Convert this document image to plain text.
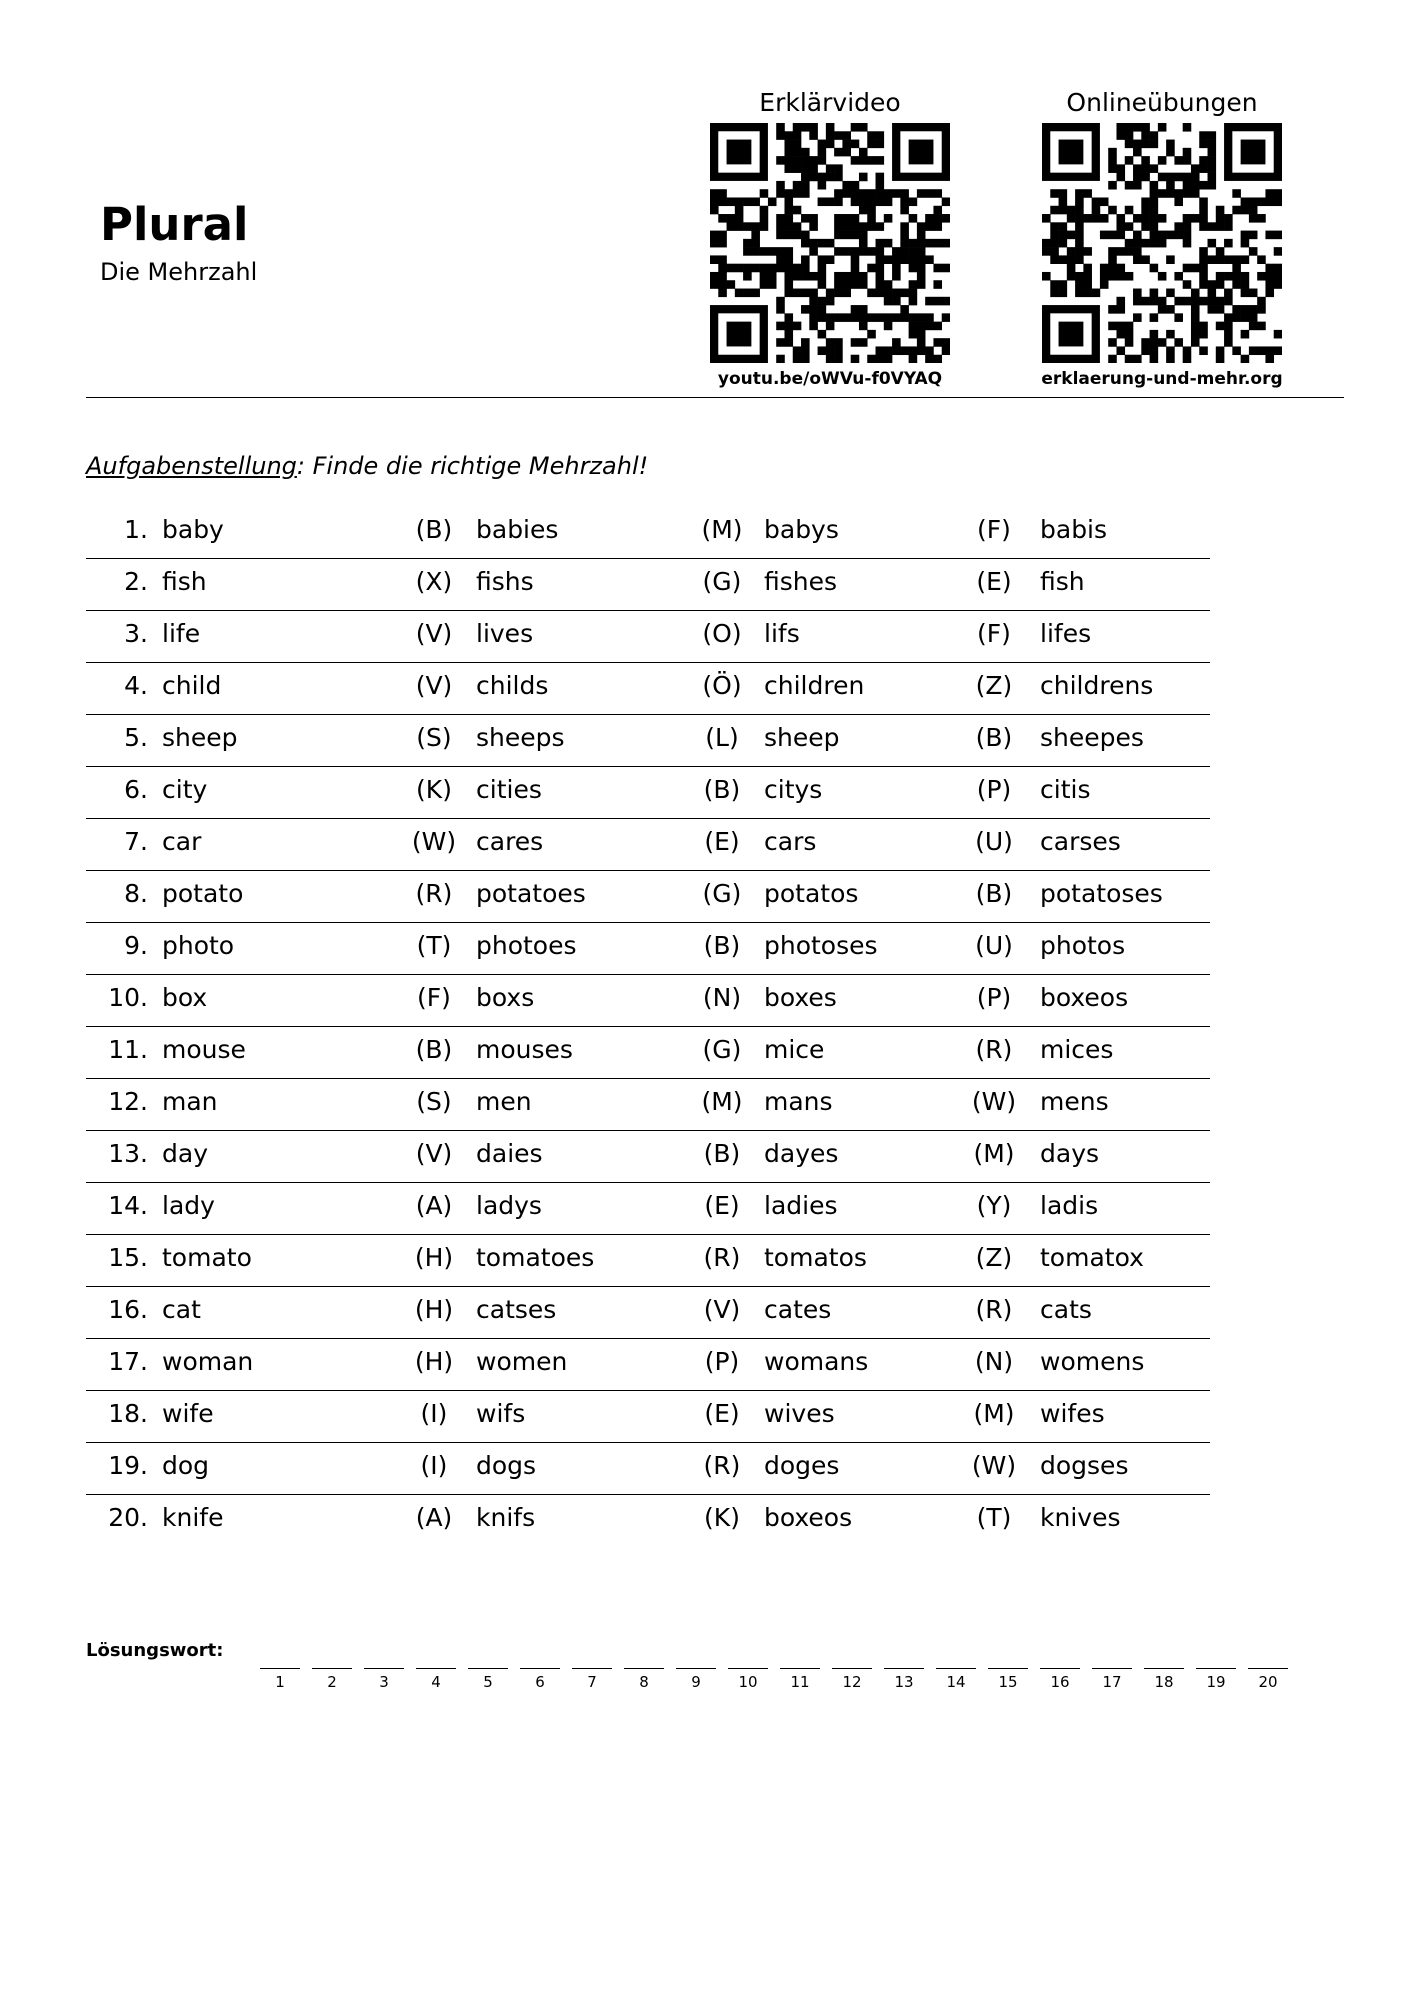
Plural
Die Mehrzahl
Erklärvideo
youtu.be/oWVu-f0VYAQ
Onlineübungen
erklaerung-und-mehr.org
Aufgabenstellung: Finde die richtige Mehrzahl!
1. baby	(B) babies	(M) babys	(F)	babis
2. fish	(X) fishs	(G) fishes	(E)	fish
3. life	(V) lives	(O) lifs	(F)	lifes
4. child	(V) childs	(Ö) children	(Z)	childrens
5. sheep	(S) sheeps	(L)	sheep	(B)	sheepes
6. city	(K) cities	(B) citys	(P)	citis
7. car	(W) cares	(E) cars	(U)	carses
8. potato	(R) potatoes	(G) potatos	(B)	potatoses
9. photo	(T) photoes	(B) photoses	(U)	photos
10. box	(F)	boxs	(N) boxes	(P)	boxeos
11. mouse	(B) mouses	(G) mice	(R)	mices
12. man	(S) men	(M) mans	(W) mens
13. day	(V) daies	(B) dayes	(M)	days
14. lady	(A) ladys	(E) ladies	(Y)	ladis
15. tomato	(H) tomatoes	(R) tomatos	(Z)	tomatox
16. cat	(H) catses	(V) cates	(R)	cats
17. woman	(H) women	(P) womans	(N)	womens
18. wife	(I)	wifs	(E) wives	(M)	wifes
19. dog	(I)	dogs	(R) doges	(W) dogses
20. knife	(A) knifs	(K) boxeos	(T)	knives
Lösungswort:
1	2	3	4	5	6	7	8	9	10	11	12	13	14	15	16	17	18	19	20
